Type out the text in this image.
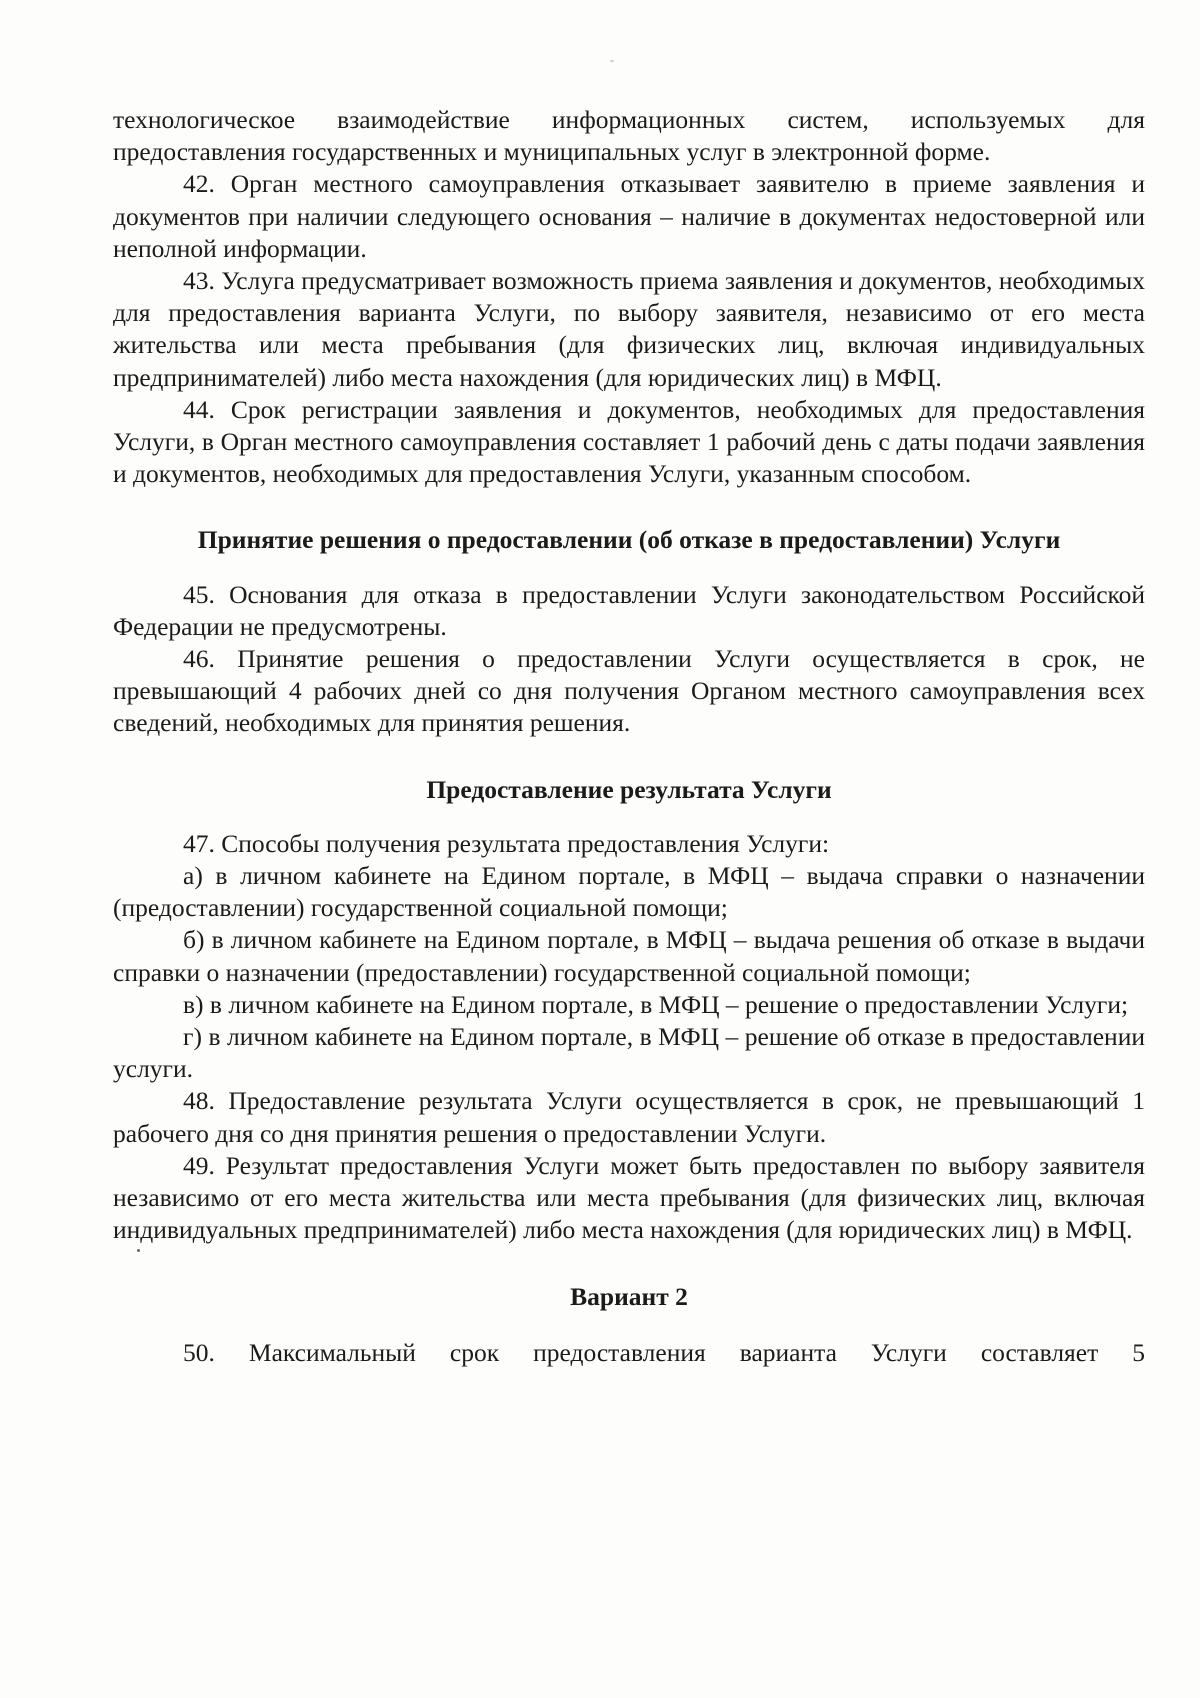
"

технологическое взаимодействие информационных систем, используемых для предоставления государственных и муниципальных услуг в электронной форме.

42. Орган местного самоуправления отказывает заявителю в приеме заявления и документов при наличии следующего основания – наличие в документах недостоверной или неполной информации.

43. Услуга предусматривает возможность приема заявления и документов, необходимых для предоставления варианта Услуги, по выбору заявителя, независимо от его места жительства или места пребывания (для физических лиц, включая индивидуальных предпринимателей) либо места нахождения (для юридических лиц) в МФЦ.

44. Срок регистрации заявления и документов, необходимых для предоставления Услуги, в Орган местного самоуправления составляет 1 рабочий день с даты подачи заявления и документов, необходимых для предоставления Услуги, указанным способом.

Принятие решения о предоставлении (об отказе в предоставлении) Услуги

45. Основания для отказа в предоставлении Услуги законодательством Российской Федерации не предусмотрены.

46. Принятие решения о предоставлении Услуги осуществляется в срок, не превышающий 4 рабочих дней со дня получения Органом местного самоуправления всех сведений, необходимых для принятия решения.

Предоставление результата Услуги

47. Способы получения результата предоставления Услуги:

а) в личном кабинете на Едином портале, в МФЦ – выдача справки о назначении (предоставлении) государственной социальной помощи;

б) в личном кабинете на Едином портале, в МФЦ – выдача решения об отказе в выдачи справки о назначении (предоставлении) государственной социальной помощи;

в) в личном кабинете на Едином портале, в МФЦ – решение о предоставлении Услуги;

г) в личном кабинете на Едином портале, в МФЦ – решение об отказе в предоставлении услуги.

48. Предоставление результата Услуги осуществляется в срок, не превышающий 1 рабочего дня со дня принятия решения о предоставлении Услуги.

49. Результат предоставления Услуги может быть предоставлен по выбору заявителя независимо от его места жительства или места пребывания (для физических лиц, включая индивидуальных предпринимателей) либо места нахождения (для юридических лиц) в МФЦ.

Вариант 2

50. Максимальный срок предоставления варианта Услуги составляет 5
